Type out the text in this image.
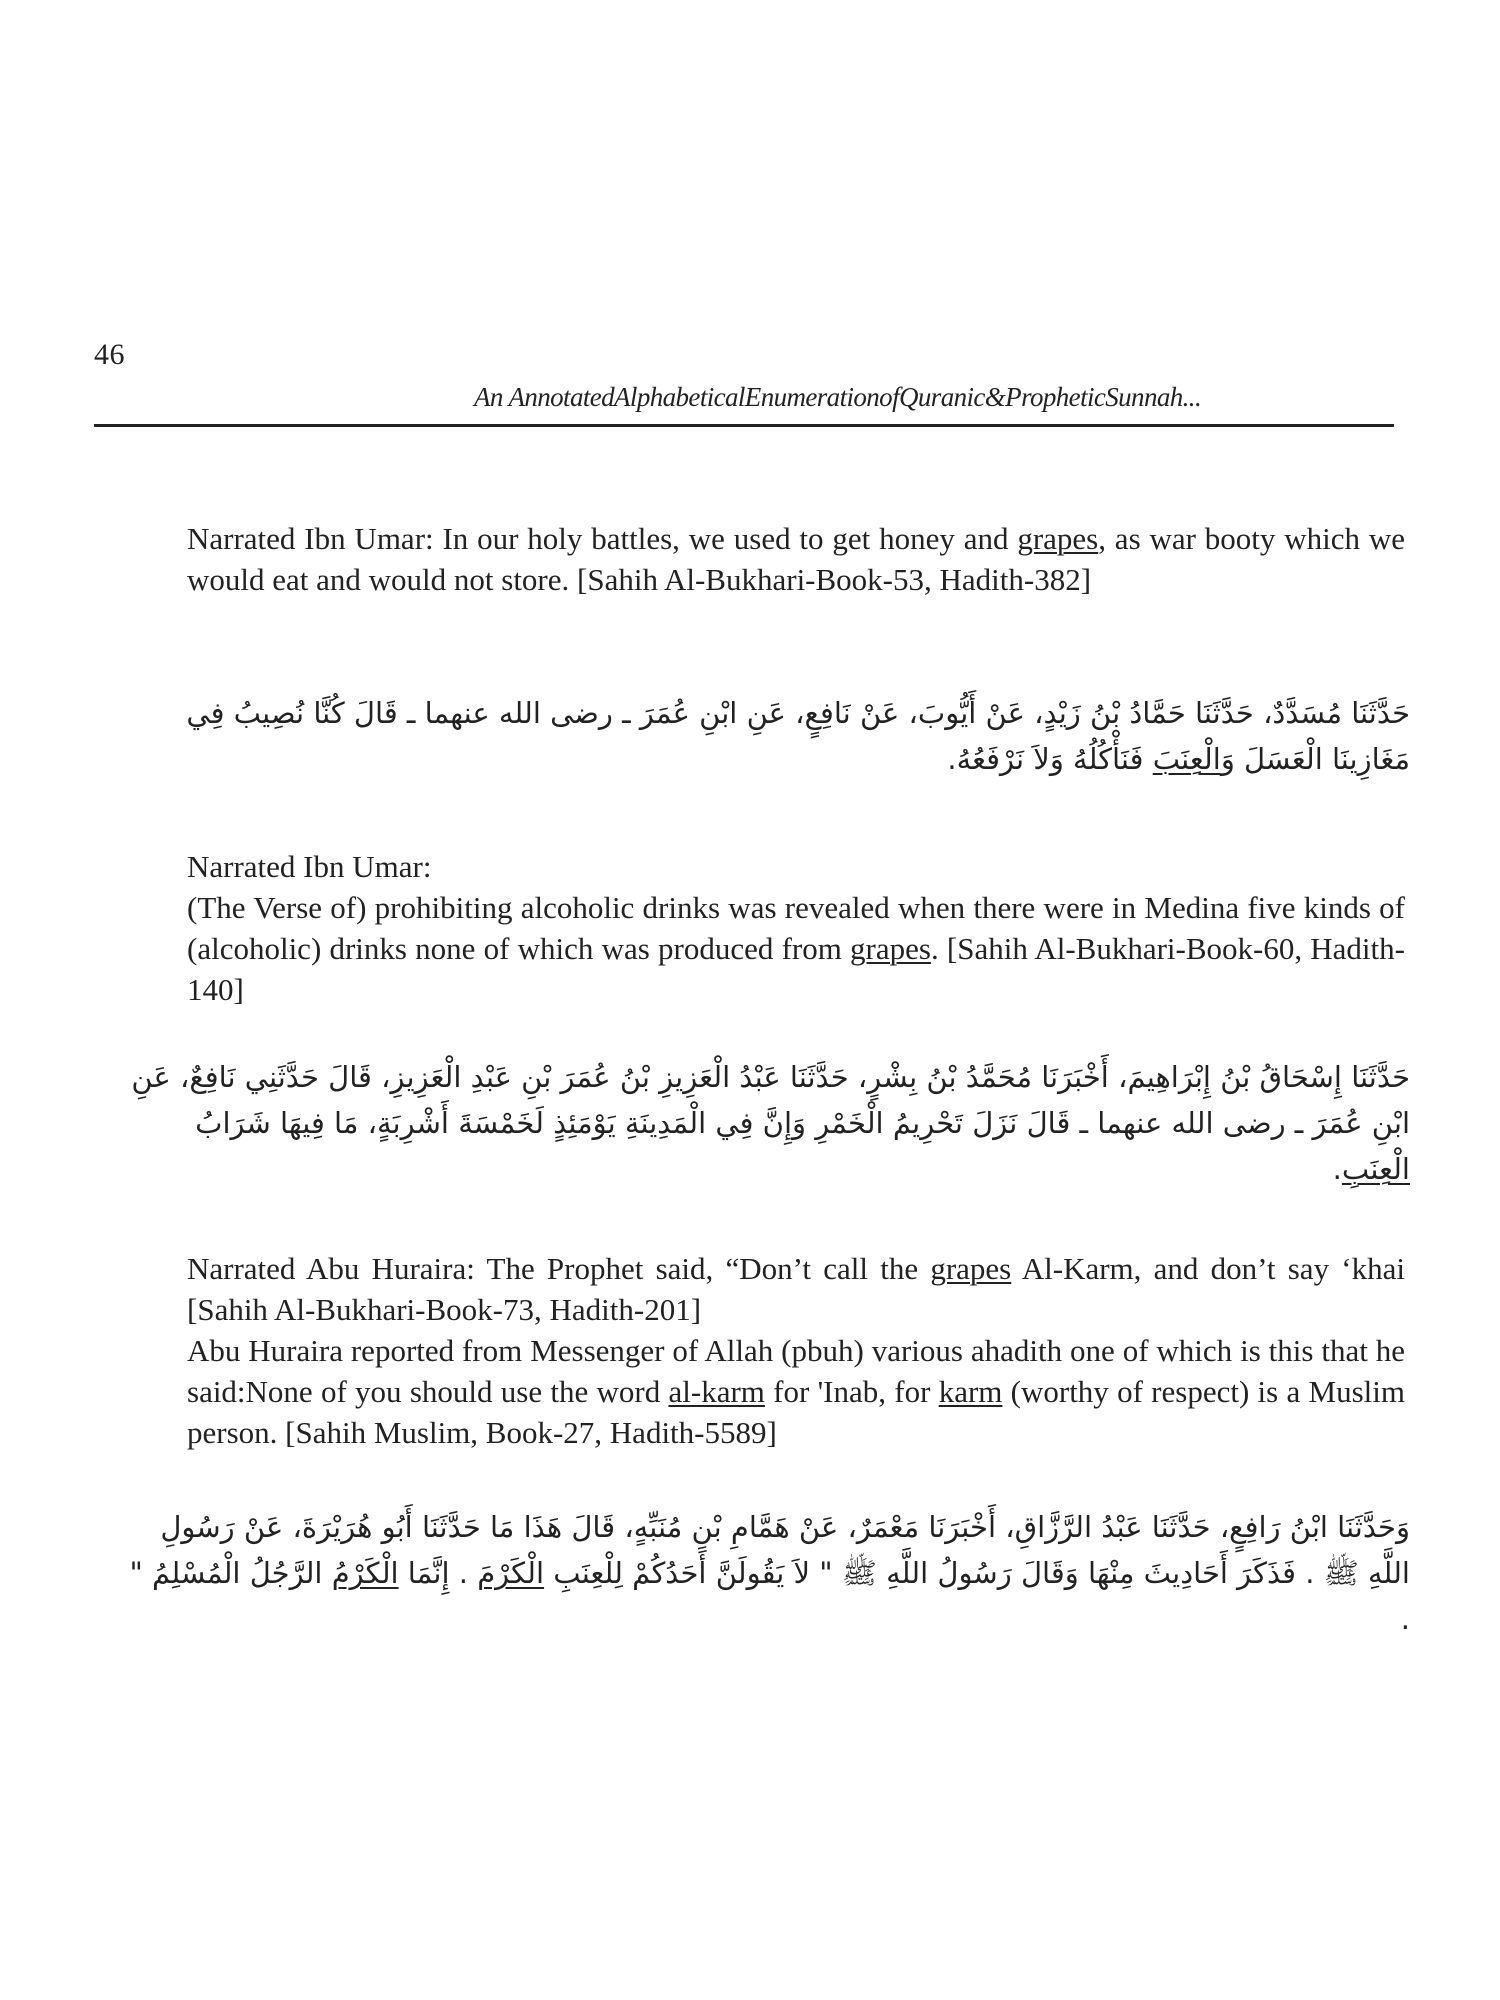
46
An AnnotatedAlphabeticalEnumerationofQuranic&PropheticSunnah...

Narrated Ibn Umar: In our holy battles, we used to get honey and grapes, as war booty which we would eat and would not store. [Sahih Al-Bukhari-Book-53, Hadith-382]

حَدَّثَنَا مُسَدَّدٌ، حَدَّثَنَا حَمَّادُ بْنُ زَيْدٍ، عَنْ أَيُّوبَ، عَنْ نَافِعٍ، عَنِ ابْنِ عُمَرَ ـ رضى الله عنهما ـ قَالَ كُنَّا نُصِيبُ فِي مَغَازِينَا الْعَسَلَ وَالْعِنَبَ فَنَأْكُلُهُ وَلاَ نَرْفَعُهُ.

Narrated Ibn Umar:

(The Verse of) prohibiting alcoholic drinks was revealed when there were in Medina five kinds of (alcoholic) drinks none of which was produced from grapes. [Sahih Al-Bukhari-Book-60, Hadith-140]

حَدَّثَنَا إِسْحَاقُ بْنُ إِبْرَاهِيمَ، أَخْبَرَنَا مُحَمَّدُ بْنُ بِشْرٍ، حَدَّثَنَا عَبْدُ الْعَزِيزِ بْنُ عُمَرَ بْنِ عَبْدِ الْعَزِيزِ، قَالَ حَدَّثَنِي نَافِعٌ، عَنِ ابْنِ عُمَرَ ـ رضى الله عنهما ـ قَالَ نَزَلَ تَحْرِيمُ الْخَمْرِ وَإِنَّ فِي الْمَدِينَةِ يَوْمَئِذٍ لَخَمْسَةَ أَشْرِبَةٍ، مَا فِيهَا شَرَابُ الْعِنَبِ.

Narrated Abu Huraira: The Prophet said, “Don’t call the grapes Al-Karm, and don’t say ‘khai [Sahih Al-Bukhari-Book-73, Hadith-201]

Abu Huraira reported from Messenger of Allah (pbuh) various ahadith one of which is this that he said:None of you should use the word al-karm for 'Inab, for karm (worthy of respect) is a Muslim person. [Sahih Muslim, Book-27, Hadith-5589]

وَحَدَّثَنَا ابْنُ رَافِعٍ، حَدَّثَنَا عَبْدُ الرَّزَّاقِ، أَخْبَرَنَا مَعْمَرٌ، عَنْ هَمَّامِ بْنِ مُنَبِّهٍ، قَالَ هَذَا مَا حَدَّثَنَا أَبُو هُرَيْرَةَ، عَنْ رَسُولِ اللَّهِ ﷺ . فَذَكَرَ أَحَادِيثَ مِنْهَا وَقَالَ رَسُولُ اللَّهِ ﷺ " لاَ يَقُولَنَّ أَحَدُكُمْ لِلْعِنَبِ الْكَرْمَ . إِنَّمَا الْكَرْمُ الرَّجُلُ الْمُسْلِمُ " .
